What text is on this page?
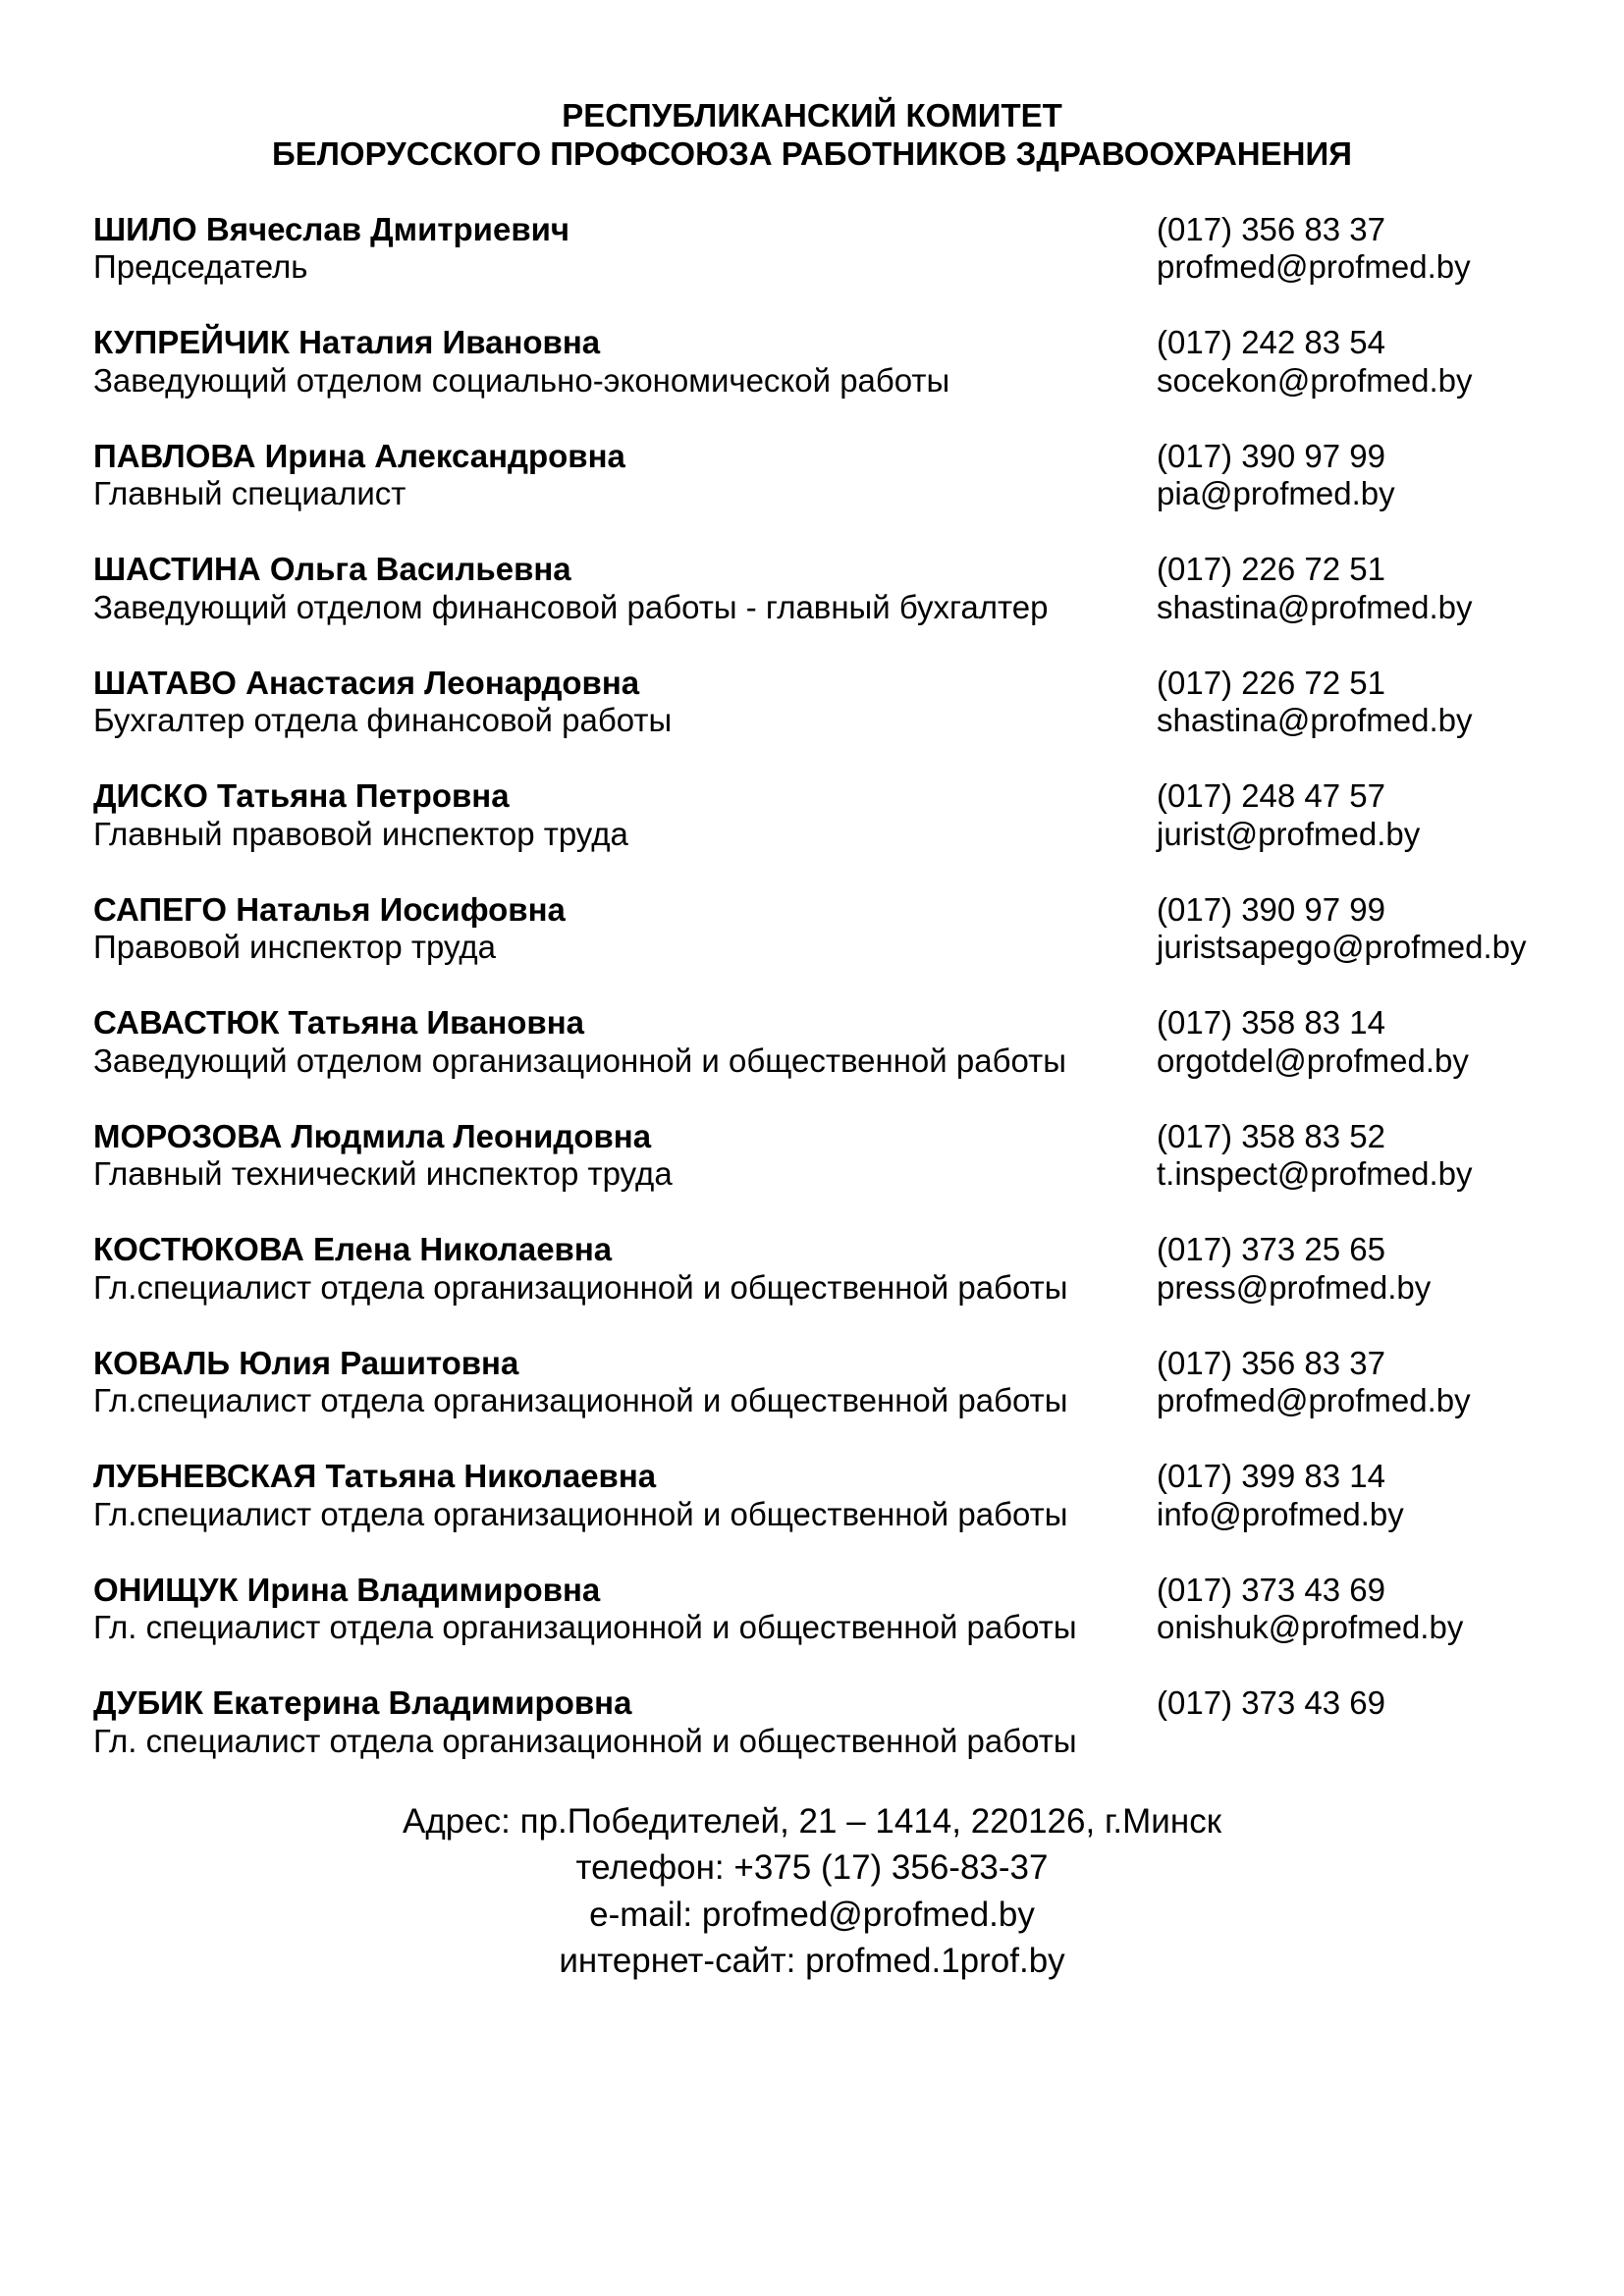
РЕСПУБЛИКАНСКИЙ КОМИТЕТ
БЕЛОРУССКОГО ПРОФСОЮЗА РАБОТНИКОВ ЗДРАВООХРАНЕНИЯ
ШИЛО Вячеслав Дмитриевич
Председатель
(017) 356 83 37
profmed@profmed.by
КУПРЕЙЧИК Наталия Ивановна
Заведующий отделом социально-экономической работы
(017) 242 83 54
socekon@profmed.by
ПАВЛОВА Ирина Александровна
Главный специалист
(017) 390 97 99
pia@profmed.by
ШАСТИНА Ольга Васильевна
Заведующий отделом финансовой работы - главный бухгалтер
(017) 226 72 51
shastina@profmed.by
ШАТАВО Анастасия Леонардовна
Бухгалтер отдела финансовой работы
(017) 226 72 51
shastina@profmed.by
ДИСКО Татьяна Петровна
Главный правовой инспектор труда
(017) 248 47 57
jurist@profmed.by
САПЕГО Наталья Иосифовна
Правовой инспектор труда
(017) 390 97 99
juristsapego@profmed.by
САВАСТЮК Татьяна Ивановна
Заведующий отделом организационной и общественной работы
(017) 358 83 14
orgotdel@profmed.by
МОРОЗОВА Людмила Леонидовна
Главный технический инспектор труда
(017) 358 83 52
t.inspect@profmed.by
КОСТЮКОВА Елена Николаевна
Гл.специалист отдела организационной и общественной работы
(017) 373 25 65
press@profmed.by
КОВАЛЬ Юлия Рашитовна
Гл.специалист отдела организационной и общественной работы
(017) 356 83 37
profmed@profmed.by
ЛУБНЕВСКАЯ Татьяна Николаевна
Гл.специалист отдела организационной и общественной работы
(017) 399 83 14
info@profmed.by
ОНИЩУК Ирина Владимировна
Гл. специалист отдела организационной и общественной работы
(017) 373 43 69
onishuk@profmed.by
ДУБИК Екатерина Владимировна
Гл. специалист отдела организационной и общественной работы
(017) 373 43 69
Адрес: пр.Победителей, 21 – 1414, 220126, г.Минск
телефон: +375 (17) 356-83-37
e-mail: profmed@profmed.by
интернет-сайт: profmed.1prof.by
